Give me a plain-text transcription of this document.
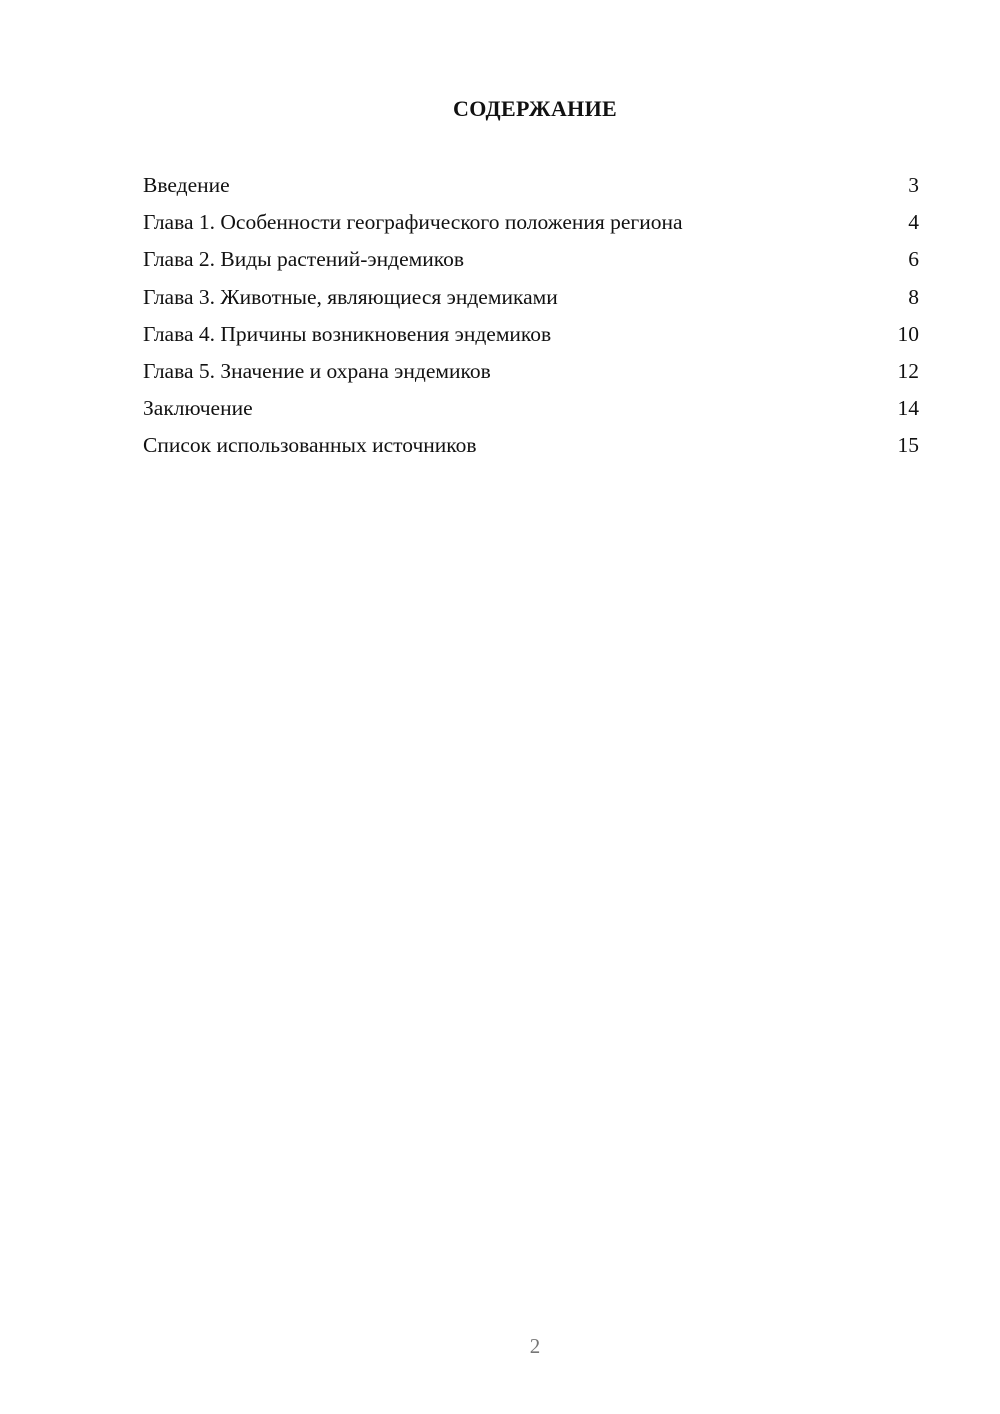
СОДЕРЖАНИЕ
Введение	3
Глава 1. Особенности географического положения региона	4
Глава 2. Виды растений-эндемиков	6
Глава 3. Животные, являющиеся эндемиками	8
Глава 4. Причины возникновения эндемиков	10
Глава 5. Значение и охрана эндемиков	12
Заключение	14
Список использованных источников	15
2
